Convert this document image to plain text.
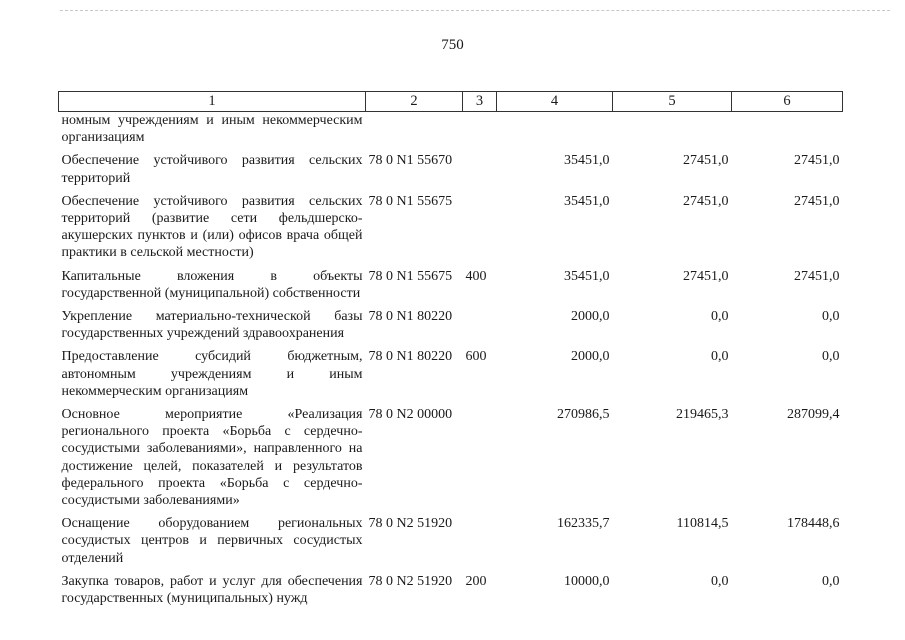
750
1	2	3	4	5	6
номным учреждениям и иным некоммерческим организациям					
Обеспечение устойчивого развития сельских территорий	78 0 N1 55670		35451,0	27451,0	27451,0
Обеспечение устойчивого развития сельских территорий (развитие сети фельдшерско-акушерских пунктов и (или) офисов врача общей практики в сельской местности)	78 0 N1 55675		35451,0	27451,0	27451,0
Капитальные вложения в объекты государственной (муниципальной) собственности	78 0 N1 55675	400	35451,0	27451,0	27451,0
Укрепление материально-технической базы государственных учреждений здравоохранения	78 0 N1 80220		2000,0	0,0	0,0
Предоставление субсидий бюджетным, автономным учреждениям и иным некоммерческим организациям	78 0 N1 80220	600	2000,0	0,0	0,0
Основное мероприятие «Реализация регионального проекта «Борьба с сердечно-сосудистыми заболеваниями», направленного на достижение целей, показателей и результатов федерального проекта «Борьба с сердечно-сосудистыми заболеваниями»	78 0 N2 00000		270986,5	219465,3	287099,4
Оснащение оборудованием региональных сосудистых центров и первичных сосудистых отделений	78 0 N2 51920		162335,7	110814,5	178448,6
Закупка товаров, работ и услуг для обеспечения государственных (муниципальных) нужд	78 0 N2 51920	200	10000,0	0,0	0,0
